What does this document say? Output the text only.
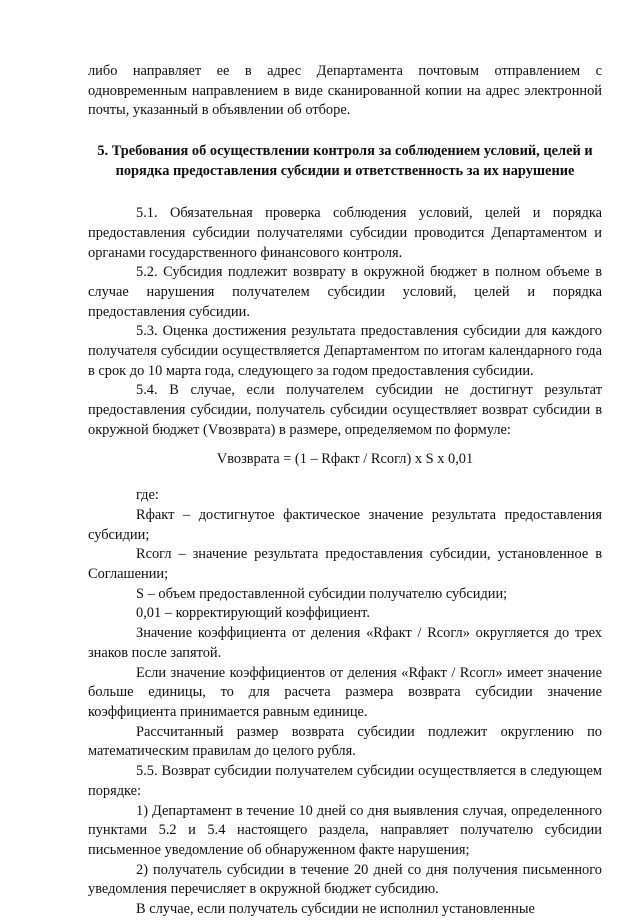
либо направляет ее в адрес Департамента почтовым отправлением с одновременным направлением в виде сканированной копии на адрес электронной почты, указанный в объявлении об отборе.

5. Требования об осуществлении контроля за соблюдением условий, целей и порядка предоставления субсидии и ответственность за их нарушение

5.1. Обязательная проверка соблюдения условий, целей и порядка предоставления субсидии получателями субсидии проводится Департаментом и органами государственного финансового контроля.

5.2. Субсидия подлежит возврату в окружной бюджет в полном объеме в случае нарушения получателем субсидии условий, целей и порядка предоставления субсидии.

5.3. Оценка достижения результата предоставления субсидии для каждого получателя субсидии осуществляется Департаментом по итогам календарного года в срок до 10 марта года, следующего за годом предоставления субсидии.

5.4. В случае, если получателем субсидии не достигнут результат предоставления субсидии, получатель субсидии осуществляет возврат субсидии в окружной бюджет (Vвозврата) в размере, определяемом по формуле:

Vвозврата = (1 – Rфакт / Rсогл) x S x 0,01

где:

Rфакт – достигнутое фактическое значение результата предоставления субсидии;

Rсогл – значение результата предоставления субсидии, установленное в Соглашении;

S – объем предоставленной субсидии получателю субсидии;

0,01 – корректирующий коэффициент.

Значение коэффициента от деления «Rфакт / Rсогл» округляется до трех знаков после запятой.

Если значение коэффициентов от деления «Rфакт / Rсогл» имеет значение больше единицы, то для расчета размера возврата субсидии значение коэффициента принимается равным единице.

Рассчитанный размер возврата субсидии подлежит округлению по математическим правилам до целого рубля.

5.5. Возврат субсидии получателем субсидии осуществляется в следующем порядке:

1) Департамент в течение 10 дней со дня выявления случая, определенного пунктами 5.2 и 5.4 настоящего раздела, направляет получателю субсидии письменное уведомление об обнаруженном факте нарушения;

2) получатель субсидии в течение 20 дней со дня получения письменного уведомления перечисляет в окружной бюджет субсидию.

В случае, если получатель субсидии не исполнил установленные
